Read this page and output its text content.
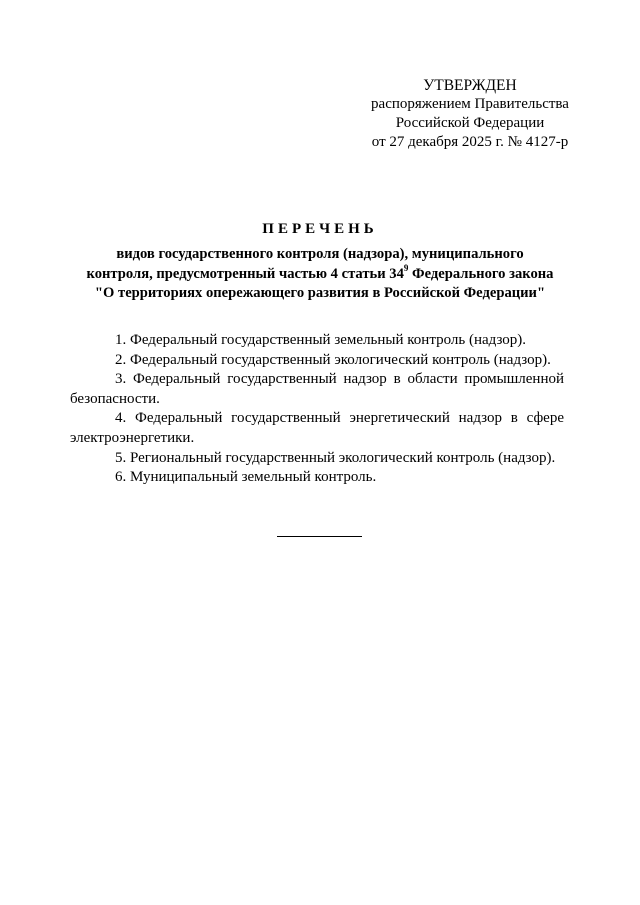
УТВЕРЖДЕН
распоряжением Правительства
Российской Федерации
от 27 декабря 2025 г. № 4127-р
ПЕРЕЧЕНЬ
видов государственного контроля (надзора), муниципального
контроля, предусмотренный частью 4 статьи $34^9$ Федерального закона
"О территориях опережающего развития в Российской Федерации"

1. Федеральный государственный земельный контроль (надзор).

2. Федеральный государственный экологический контроль (надзор).

3. Федеральный государственный надзор в области промышленной безопасности.

4. Федеральный государственный энергетический надзор в сфере электроэнергетики.

5. Региональный государственный экологический контроль (надзор).

6. Муниципальный земельный контроль.
